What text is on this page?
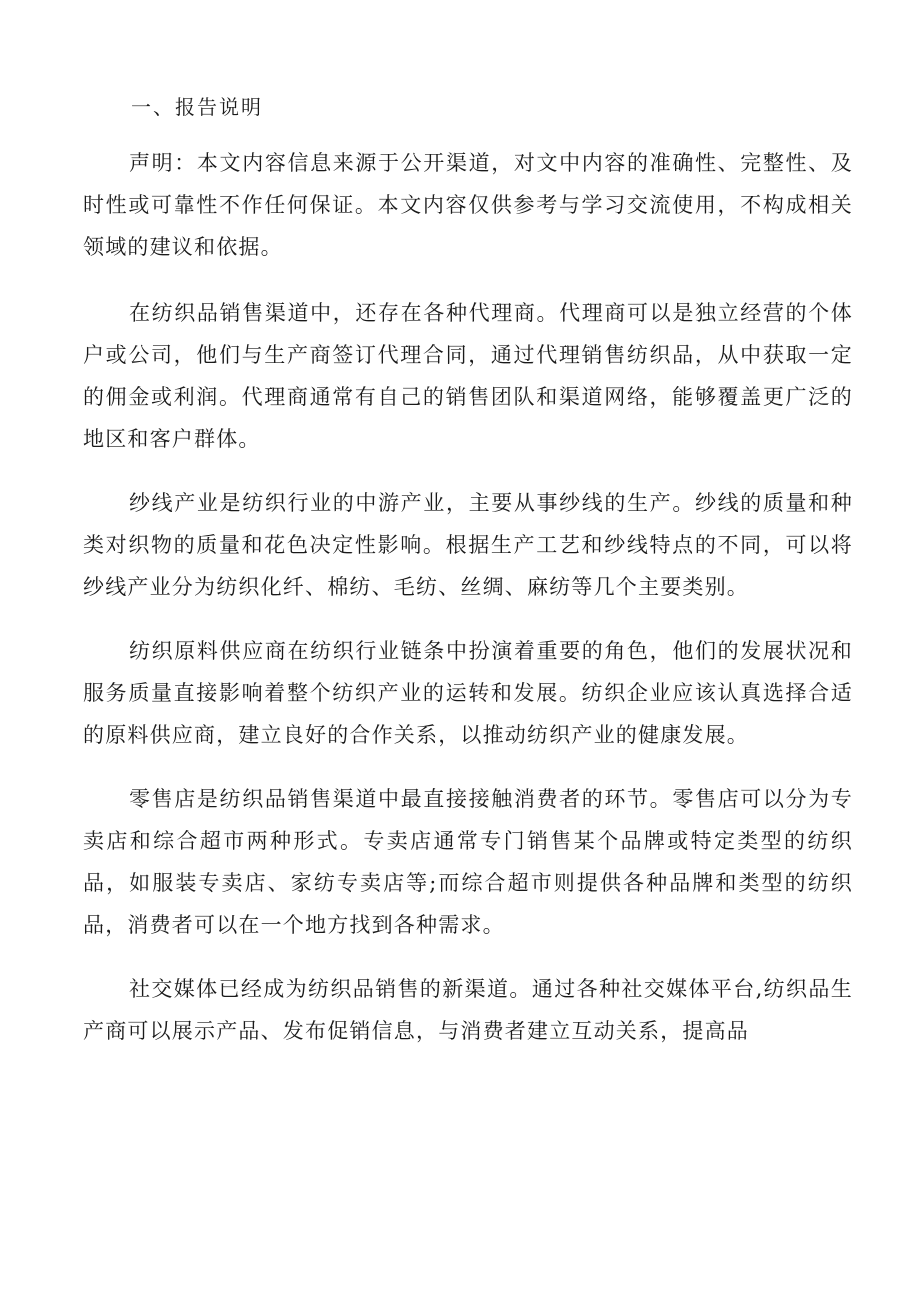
一、报告说明

声明：本文内容信息来源于公开渠道，对文中内容的准确性、完整性、及时性或可靠性不作任何保证。本文内容仅供参考与学习交流使用，不构成相关领域的建议和依据。

在纺织品销售渠道中，还存在各种代理商。代理商可以是独立经营的个体户或公司，他们与生产商签订代理合同，通过代理销售纺织品，从中获取一定的佣金或利润。代理商通常有自己的销售团队和渠道网络，能够覆盖更广泛的地区和客户群体。

纱线产业是纺织行业的中游产业，主要从事纱线的生产。纱线的质量和种类对织物的质量和花色决定性影响。根据生产工艺和纱线特点的不同，可以将纱线产业分为纺织化纤、棉纺、毛纺、丝绸、麻纺等几个主要类别。

纺织原料供应商在纺织行业链条中扮演着重要的角色，他们的发展状况和服务质量直接影响着整个纺织产业的运转和发展。纺织企业应该认真选择合适的原料供应商，建立良好的合作关系，以推动纺织产业的健康发展。

零售店是纺织品销售渠道中最直接接触消费者的环节。零售店可以分为专卖店和综合超市两种形式。专卖店通常专门销售某个品牌或特定类型的纺织品，如服装专卖店、家纺专卖店等;而综合超市则提供各种品牌和类型的纺织品，消费者可以在一个地方找到各种需求。

社交媒体已经成为纺织品销售的新渠道。通过各种社交媒体平台,纺织品生产商可以展示产品、发布促销信息，与消费者建立互动关系，提高品
